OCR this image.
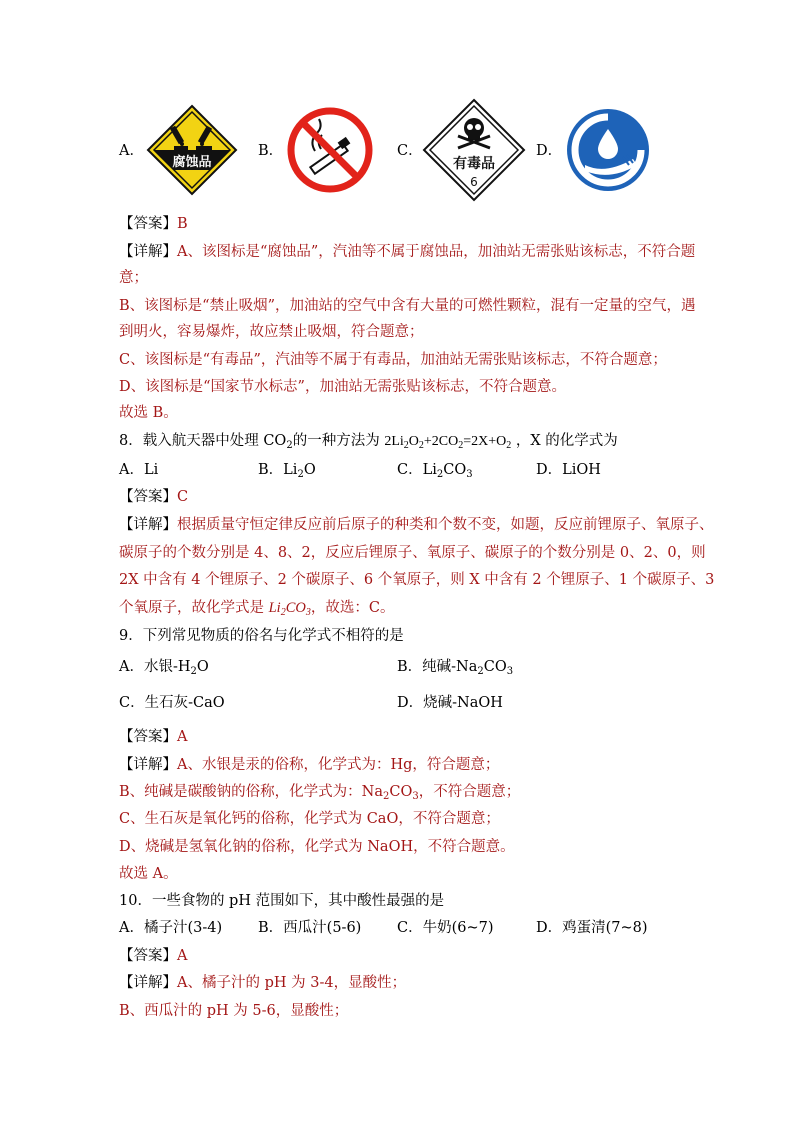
A．
腐蚀品
B．	C．
有毒品
6
D．
【答案】B
【详解】A、该图标是“腐蚀品”，汽油等不属于腐蚀品，加油站无需张贴该标志，不符合题
意；
B、该图标是“禁止吸烟”，加油站的空气中含有大量的可燃性颗粒，混有一定量的空气，遇
到明火，容易爆炸，故应禁止吸烟，符合题意；
C、该图标是“有毒品”，汽油等不属于有毒品，加油站无需张贴该标志，不符合题意；
D、该图标是“国家节水标志”，加油站无需张贴该标志，不符合题意。
故选 B。
8．载入航天器中处理 $CO_2$的一种方法为 $2Li_2O_2+2CO_2=2X+O_2$ ，X 的化学式为
A．Li	B．$Li_2O$	C．$Li_2CO_3$	D．LiOH
【答案】C
【详解】根据质量守恒定律反应前后原子的种类和个数不变，如题，反应前锂原子、氧原子、
碳原子的个数分别是 4、8、2，反应后锂原子、氧原子、碳原子的个数分别是 0、2、0，则
2X 中含有 4 个锂原子、2 个碳原子、6 个氧原子，则 X 中含有 2 个锂原子、1 个碳原子、3
个氧原子，故化学式是 $Li_2CO_3$，故选：C。
9．下列常见物质的俗名与化学式不相符的是
A．水银$-H_2O$	B．纯碱$-Na_2CO_3$
C．生石灰-CaO	D．烧碱-NaOH
【答案】A
【详解】A、水银是汞的俗称，化学式为：Hg，符合题意；
B、纯碱是碳酸钠的俗称，化学式为：$Na_2CO_3$，不符合题意；
C、生石灰是氧化钙的俗称，化学式为 CaO，不符合题意；
D、烧碱是氢氧化钠的俗称，化学式为 NaOH，不符合题意。
故选 A。
10．一些食物的 pH 范围如下，其中酸性最强的是
A．橘子汁(3-4) B．西瓜汁(5-6) C．牛奶(6~7)	D．鸡蛋清(7~8)
【答案】A
【详解】A、橘子汁的 pH 为 3-4，显酸性；
B、西瓜汁的 pH 为 5-6，显酸性；
